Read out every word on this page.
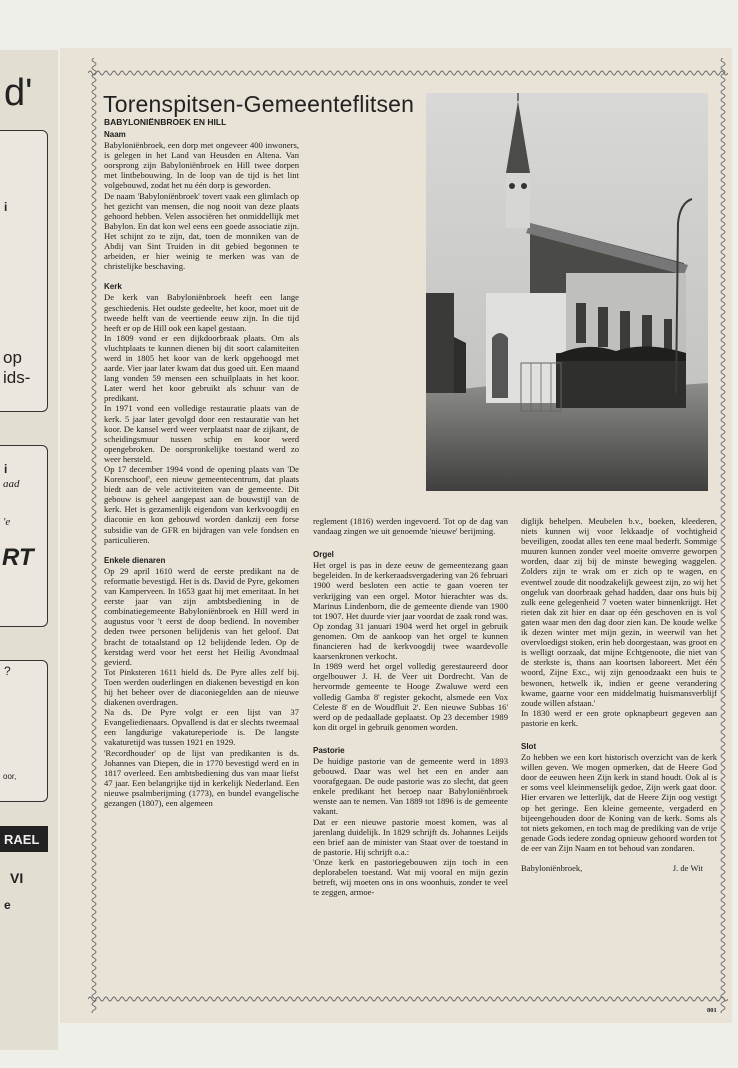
d'
i
op
ids-
i
aad
'e
RT
?
oor,
RAEL
VI
e
Torenspitsen-Gemeenteflitsen
BABYLONIËNBROEK EN HILL
Naam

Babyloniënbroek, een dorp met ongeveer 400 inwoners, is gelegen in het Land van Heusden en Altena. Van oorsprong zijn Babyloniënbroek en Hill twee dorpen met lintbebouwing. In de loop van de tijd is het lint volgebouwd, zodat het nu één dorp is geworden.

De naam 'Babyloniënbroek' tovert vaak een glimlach op het gezicht van mensen, die nog nooit van deze plaats gehoord hebben. Velen associëren het onmiddellijk met Babylon. En dat kon wel eens een goede associatie zijn. Het schijnt zo te zijn, dat, toen de monniken van de Abdij van Sint Truiden in dit gebied begonnen te arbeiden, er hier weinig te merken was van de christelijke beschaving.

Kerk

De kerk van Babyloniënbroek heeft een lange geschiedenis. Het oudste gedeelte, het koor, moet uit de tweede helft van de veertiende eeuw zijn. In die tijd heeft er op de Hill ook een kapel gestaan.

In 1809 vond er een dijkdoorbraak plaats. Om als vluchtplaats te kunnen dienen bij dit soort calamiteiten werd in 1805 het koor van de kerk opgehoogd met aarde. Vier jaar later kwam dat dus goed uit. Een maand lang vonden 59 mensen een schuilplaats in het koor. Later werd het koor gebruikt als schuur van de predikant.

In 1971 vond een volledige restauratie plaats van de kerk. 5 jaar later gevolgd door een restauratie van het koor. De kansel werd weer verplaatst naar de zijkant, de scheidingsmuur tussen schip en koor werd opengebroken. De oorspronkelijke toestand werd zo weer hersteld.

Op 17 december 1994 vond de opening plaats van 'De Korenschoof', een nieuw gemeentecentrum, dat plaats biedt aan de vele activiteiten van de gemeente. Dit gebouw is geheel aangepast aan de bouwstijl van de kerk. Het is gezamenlijk eigendom van kerkvoogdij en diaconie en kon gebouwd worden dankzij een forse subsidie van de GFR en bijdragen van vele fondsen en particulieren.

Enkele dienaren

Op 29 april 1610 werd de eerste predikant na de reformatie bevestigd. Het is ds. David de Pyre, gekomen van Kamperveen. In 1653 gaat hij met emeritaat. In het eerste jaar van zijn ambtsbediening in de combinatiegemeente Babyloniënbroek en Hill werd in augustus voor 't eerst de doop bediend. In november deden twee personen belijdenis van het geloof. Dat bracht de totaalstand op 12 belijdende leden. Op de kerstdag werd voor het eerst het Heilig Avondmaal gevierd.

Tot Pinksteren 1611 hield ds. De Pyre alles zelf bij. Toen werden ouderlingen en diakenen bevestigd en kon hij het beheer over de diaconiegelden aan de nieuwe diakenen overdragen.

Na ds. De Pyre volgt er een lijst van 37 Evangeliedienaars. Opvallend is dat er slechts tweemaal een langdurige vakatureperiode is. De langste vakaturetijd was tussen 1921 en 1929.

'Recordhouder' op de lijst van predikanten is ds. Johannes van Diepen, die in 1770 bevestigd werd en in 1817 overleed. Een ambtsbediening dus van maar liefst 47 jaar. Een belangrijke tijd in kerkelijk Nederland. Een nieuwe psalmberijming (1773), en bundel evangelische gezangen (1807), een algemeen

reglement (1816) werden ingevoerd. Tot op de dag van vandaag zingen we uit genoemde 'nieuwe' berijming.

Orgel

Het orgel is pas in deze eeuw de gemeentezang gaan begeleiden. In de kerkeraadsvergadering van 26 februari 1900 werd besloten een actie te gaan voeren ter verkrijging van een orgel. Motor hierachter was ds. Marinus Lindenborn, die de gemeente diende van 1900 tot 1907. Het duurde vier jaar voordat de zaak rond was. Op zondag 31 januari 1904 werd het orgel in gebruik genomen. Om de aankoop van het orgel te kunnen financieren had de kerkvoogdij twee waardevolle kaarsenkronen verkocht.

In 1989 werd het orgel volledig gerestaureerd door orgelbouwer J. H. de Veer uit Dordrecht. Van de hervormde gemeente te Hooge Zwaluwe werd een volledig Gamba 8' register gekocht, alsmede een Vox Celeste 8' en de Woudfluit 2'. Een nieuwe Subbas 16' werd op de pedaallade geplaatst. Op 23 december 1989 kon dit orgel in gebruik genomen worden.

Pastorie

De huidige pastorie van de gemeente werd in 1893 gebouwd. Daar was wel het een en ander aan voorafgegaan. De oude pastorie was zo slecht, dat geen enkele predikant het beroep naar Babyloniënbroek wenste aan te nemen. Van 1889 tot 1896 is de gemeente vakant.

Dat er een nieuwe pastorie moest komen, was al jarenlang duidelijk. In 1829 schrijft ds. Johannes Leijds een brief aan de minister van Staat over de toestand in de pastorie. Hij schrijft o.a.:

'Onze kerk en pastoriegebouwen zijn toch in een deplorabelen toestand. Wat mij vooral en mijn gezin betreft, wij moeten ons in ons woonhuis, zonder te veel te zeggen, armoe-

diglijk behelpen. Meubelen b.v., boeken, kleederen, niets kunnen wij voor lekkaadje of vochtigheid beveiligen, zoodat alles ten eene maal bederft. Sommige muuren kunnen zonder veel moeite omverre geworpen worden, daar zij bij de minste beweging waggelen. Zolders zijn te wrak om er zich op te wagen, en eventwel zoude dit noodzakelijk geweest zijn, zo wij het ongeluk van doorbraak gehad hadden, daar ons huis bij zulk eene gelegenheid 7 voeten water binnenkrijgt. Het rieten dak zit hier en daar op één geschoven en is vol gaten waar men den dag door zien kan. De koude welke ik dezen winter met mijn gezin, in weerwil van het overvloedigst stoken, erin heb doorgestaan, was groot en is welligt oorzaak, dat mijne Echtgenoote, die niet van de sterkste is, thans aan koortsen laboreert. Met één woord, Zijne Exc., wij zijn genoodzaakt een huis te bewonen, hetwelk ik, indien er geene verandering kwame, gaarne voor een middelmatig huismansverblijf zoude willen afstaan.'

In 1830 werd er een grote opknapbeurt gegeven aan pastorie en kerk.

Slot

Zo hebben we een kort historisch overzicht van de kerk willen geven. We mogen opmerken, dat de Heere God door de eeuwen heen Zijn kerk in stand houdt. Ook al is er soms veel kleinmenselijk gedoe, Zijn werk gaat door. Hier ervaren we letterlijk, dat de Heere Zijn oog vestigt op het geringe. Een kleine gemeente, vergaderd en bijeengehouden door de Koning van de kerk. Soms als tot niets gekomen, en toch mag de prediking van de vrije genade Gods iedere zondag opnieuw gehoord worden tot de eer van Zijn Naam en tot behoud van zondaren.

Babyloniënbroek,	J. de Wit
801
